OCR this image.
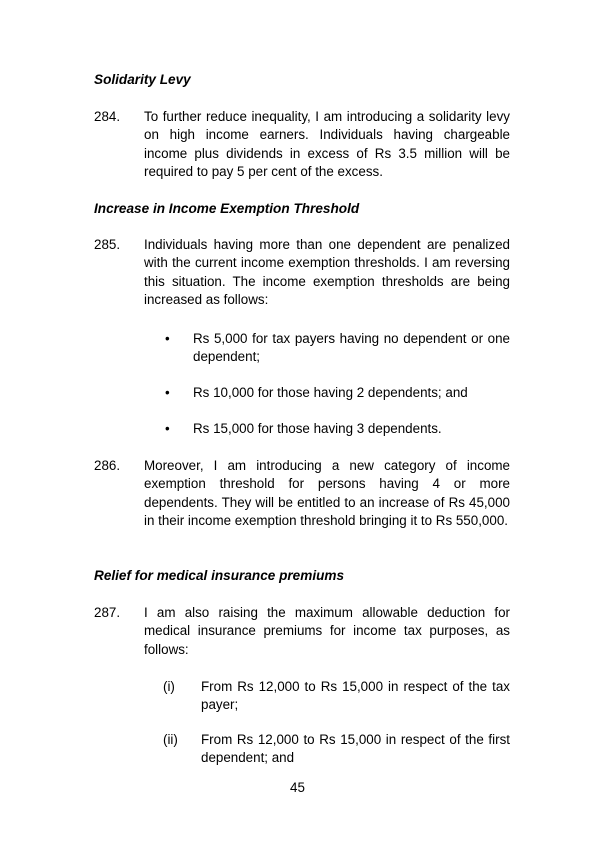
Solidarity Levy
284. To further reduce inequality, I am introducing a solidarity levy on high income earners. Individuals having chargeable income plus dividends in excess of Rs 3.5 million will be required to pay 5 per cent of the excess.
Increase in Income Exemption Threshold
285. Individuals having more than one dependent are penalized with the current income exemption thresholds. I am reversing this situation. The income exemption thresholds are being increased as follows:
• Rs 5,000 for tax payers having no dependent or one dependent;
• Rs 10,000 for those having 2 dependents; and
• Rs 15,000 for those having 3 dependents.
286. Moreover, I am introducing a new category of income exemption threshold for persons having 4 or more dependents. They will be entitled to an increase of Rs 45,000 in their income exemption threshold bringing it to Rs 550,000.
Relief for medical insurance premiums
287. I am also raising the maximum allowable deduction for medical insurance premiums for income tax purposes, as follows:
(i) From Rs 12,000 to Rs 15,000 in respect of the tax payer;
(ii) From Rs 12,000 to Rs 15,000 in respect of the first dependent; and
45
